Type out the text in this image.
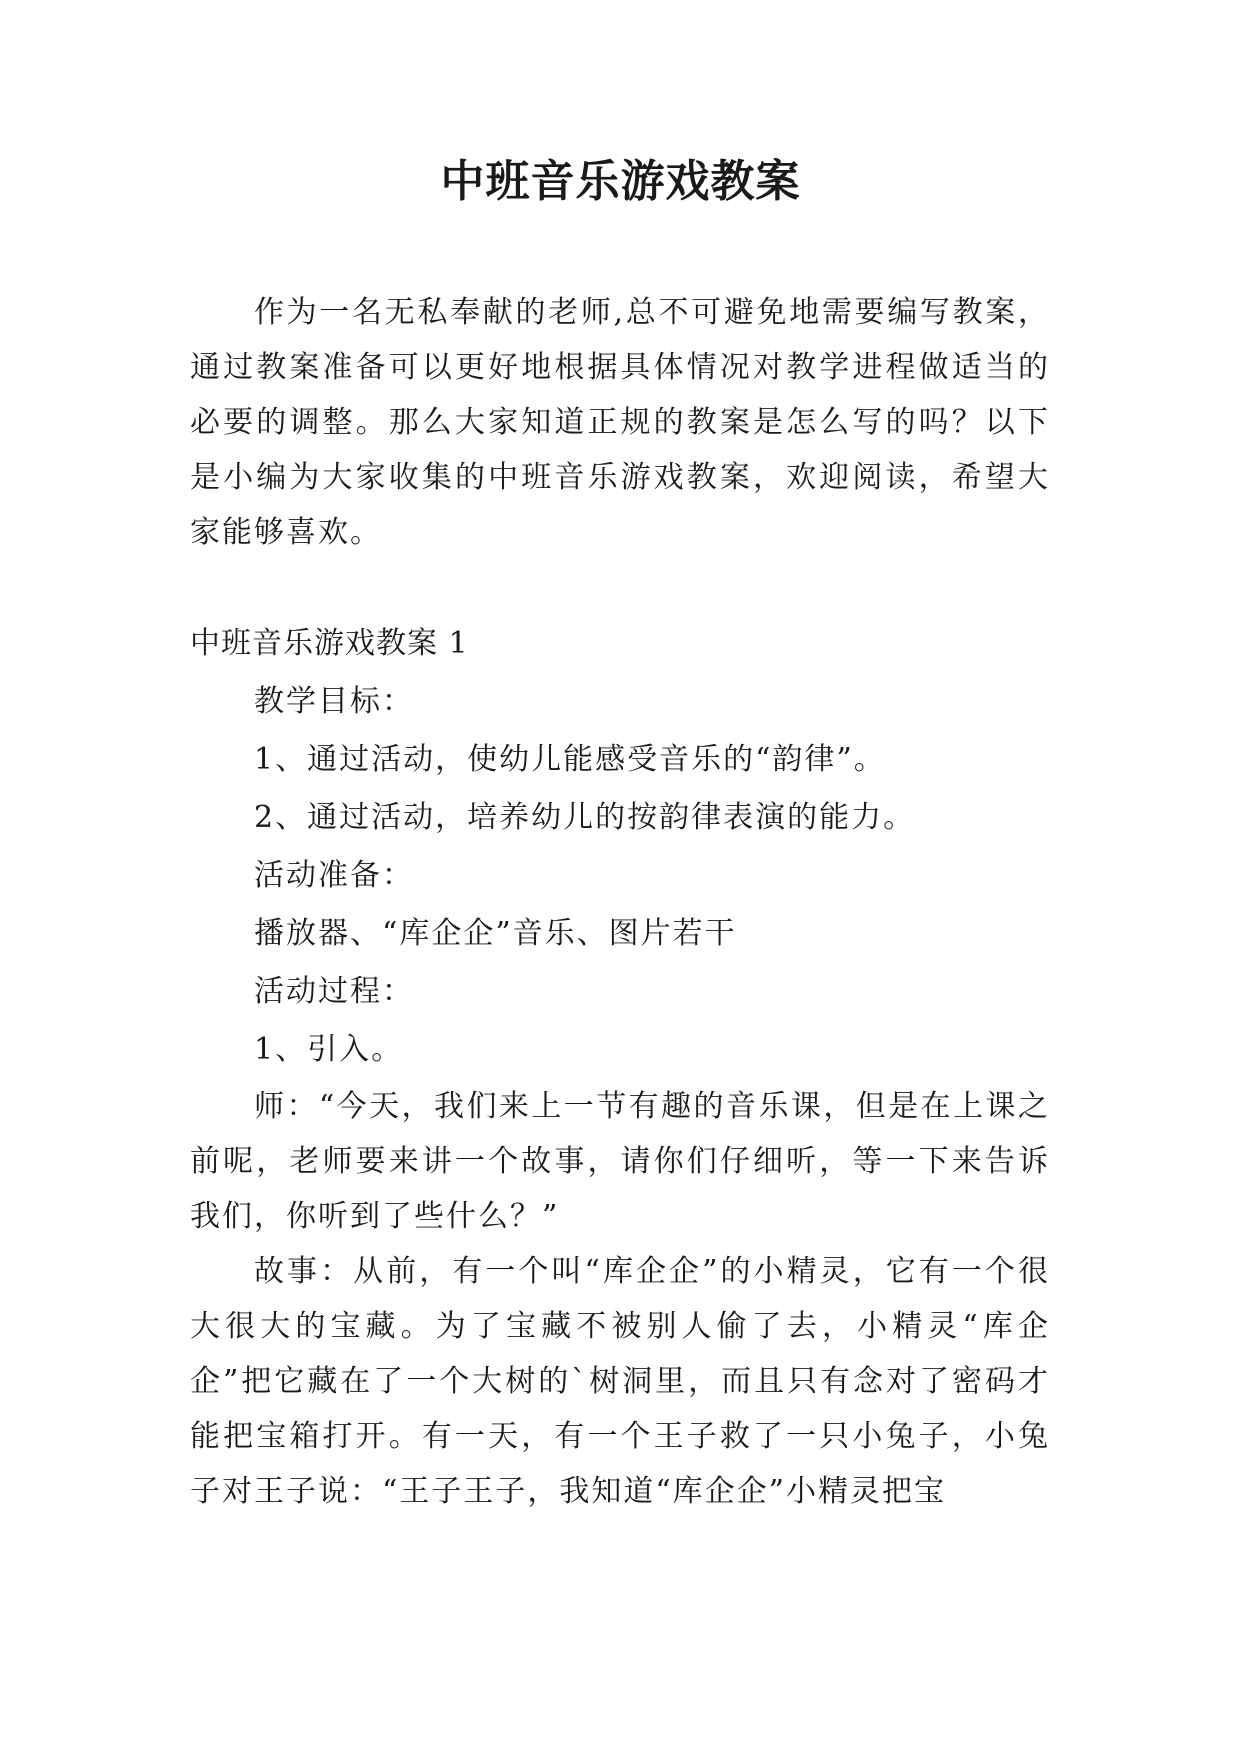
中班音乐游戏教案

作为一名无私奉献的老师,总不可避免地需要编写教案，通过教案准备可以更好地根据具体情况对教学进程做适当的必要的调整。那么大家知道正规的教案是怎么写的吗？以下是小编为大家收集的中班音乐游戏教案，欢迎阅读，希望大家能够喜欢。

中班音乐游戏教案 1

教学目标：

1、通过活动，使幼儿能感受音乐的“韵律”。

2、通过活动，培养幼儿的按韵律表演的能力。

活动准备：

播放器、“库企企”音乐、图片若干

活动过程：

1、引入。

师：“今天，我们来上一节有趣的音乐课，但是在上课之前呢，老师要来讲一个故事，请你们仔细听，等一下来告诉我们，你听到了些什么？”

故事：从前，有一个叫“库企企”的小精灵，它有一个很大很大的宝藏。为了宝藏不被别人偷了去，小精灵“库企企”把它藏在了一个大树的`树洞里，而且只有念对了密码才能把宝箱打开。有一天，有一个王子救了一只小兔子，小兔子对王子说：“王子王子，我知道“库企企”小精灵把宝
